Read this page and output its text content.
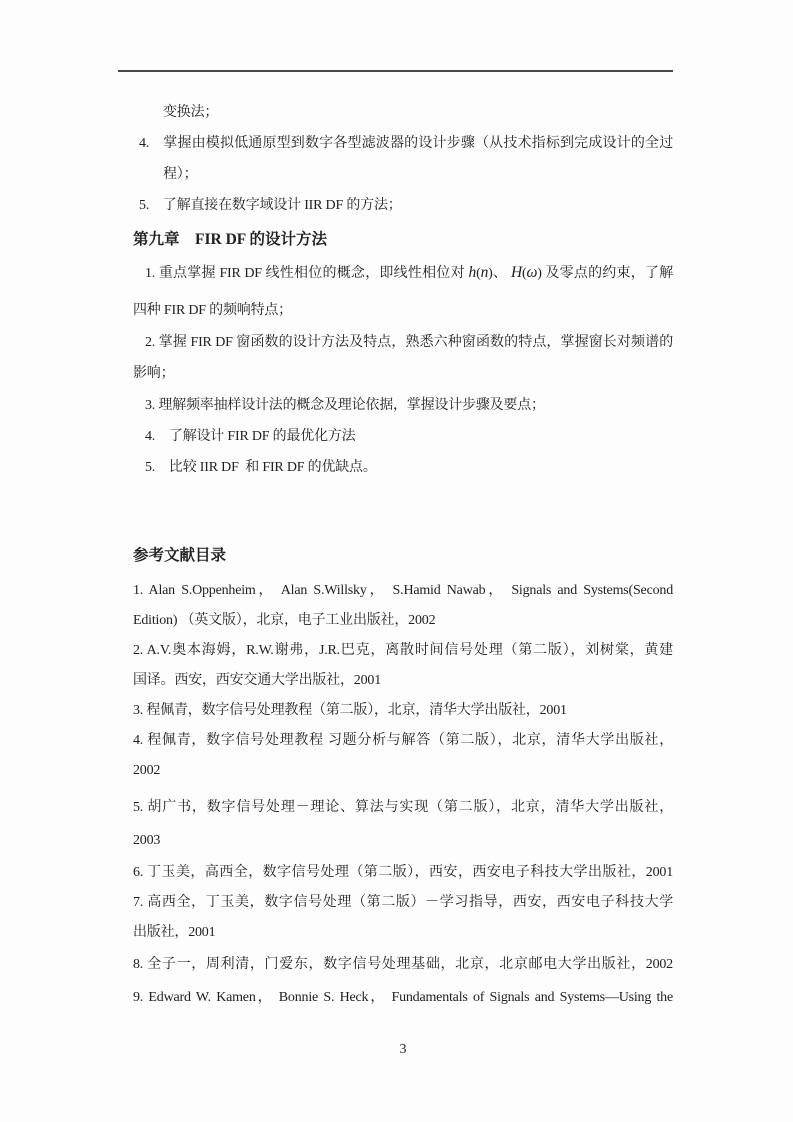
变换法；
4. 掌握由模拟低通原型到数字各型滤波器的设计步骤（从技术指标到完成设计的全过
程）；
5. 了解直接在数字域设计 IIR DF 的方法；
第九章　FIR DF 的设计方法
1. 重点掌握 FIR DF 线性相位的概念，即线性相位对 h(n)、 H(ω) 及零点的约束，了解
四种 FIR DF 的频响特点；
2. 掌握 FIR DF 窗函数的设计方法及特点，熟悉六种窗函数的特点，掌握窗长对频谱的
影响；
3. 理解频率抽样设计法的概念及理论依据，掌握设计步骤及要点；
4. 了解设计 FIR DF 的最优化方法
5. 比较 IIR DF  和 FIR DF 的优缺点。
参考文献目录
1. Alan S.Oppenheim， Alan S.Willsky， S.Hamid Nawab， Signals and Systems(Second
Edition) （英文版），北京，电子工业出版社，2002
2. A.V.奥本海姆，R.W.谢弗，J.R.巴克，离散时间信号处理（第二版），刘树棠，黄建
国译。西安，西安交通大学出版社，2001
3. 程佩青，数字信号处理教程（第二版），北京，清华大学出版社，2001
4. 程佩青，数字信号处理教程 习题分析与解答（第二版），北京，清华大学出版社，
2002
5. 胡广书，数字信号处理－理论、算法与实现（第二版），北京，清华大学出版社，
2003
6. 丁玉美，高西全，数字信号处理（第二版），西安，西安电子科技大学出版社，2001
7. 高西全，丁玉美，数字信号处理（第二版）－学习指导，西安，西安电子科技大学
出版社，2001
8. 全子一，周利清，门爱东，数字信号处理基础，北京，北京邮电大学出版社，2002
9. Edward W. Kamen， Bonnie S. Heck， Fundamentals of Signals and Systems—Using the
3
